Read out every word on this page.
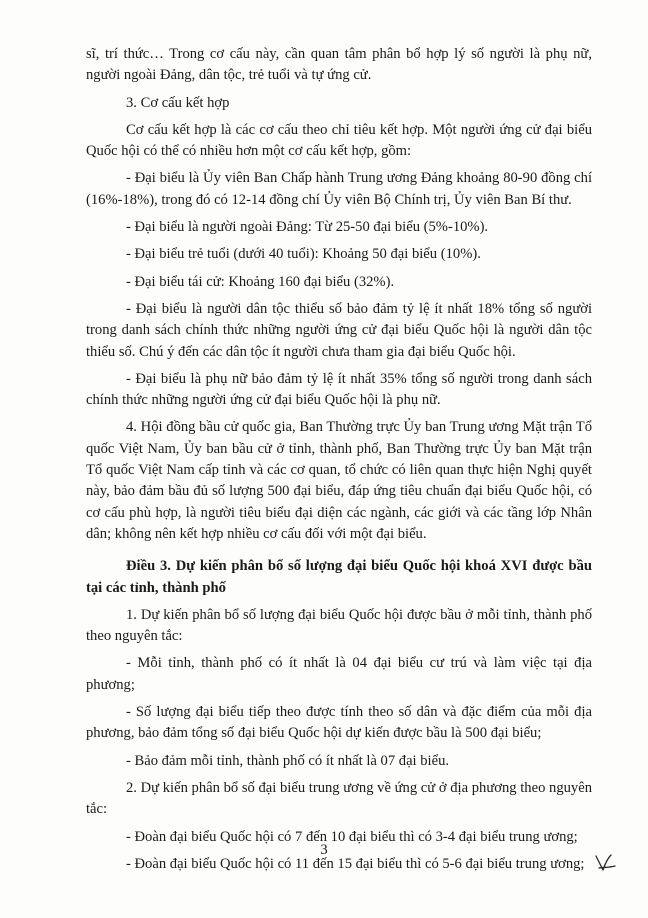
sĩ, trí thức… Trong cơ cấu này, cần quan tâm phân bổ hợp lý số người là phụ nữ, người ngoài Đảng, dân tộc, trẻ tuổi và tự ứng cử.

3. Cơ cấu kết hợp

Cơ cấu kết hợp là các cơ cấu theo chỉ tiêu kết hợp. Một người ứng cử đại biểu Quốc hội có thể có nhiều hơn một cơ cấu kết hợp, gồm:

- Đại biểu là Ủy viên Ban Chấp hành Trung ương Đảng khoảng 80-90 đồng chí (16%-18%), trong đó có 12-14 đồng chí Ủy viên Bộ Chính trị, Ủy viên Ban Bí thư.

- Đại biểu là người ngoài Đảng: Từ 25-50 đại biểu (5%-10%).

- Đại biểu trẻ tuổi (dưới 40 tuổi): Khoảng 50 đại biểu (10%).

- Đại biểu tái cử: Khoảng 160 đại biểu (32%).

- Đại biểu là người dân tộc thiểu số bảo đảm tỷ lệ ít nhất 18% tổng số người trong danh sách chính thức những người ứng cử đại biểu Quốc hội là người dân tộc thiểu số. Chú ý đến các dân tộc ít người chưa tham gia đại biểu Quốc hội.

- Đại biểu là phụ nữ bảo đảm tỷ lệ ít nhất 35% tổng số người trong danh sách chính thức những người ứng cử đại biểu Quốc hội là phụ nữ.

4. Hội đồng bầu cử quốc gia, Ban Thường trực Ủy ban Trung ương Mặt trận Tổ quốc Việt Nam, Ủy ban bầu cử ở tỉnh, thành phố, Ban Thường trực Ủy ban Mặt trận Tổ quốc Việt Nam cấp tỉnh và các cơ quan, tổ chức có liên quan thực hiện Nghị quyết này, bảo đảm bầu đủ số lượng 500 đại biểu, đáp ứng tiêu chuẩn đại biểu Quốc hội, có cơ cấu phù hợp, là người tiêu biểu đại diện các ngành, các giới và các tầng lớp Nhân dân; không nên kết hợp nhiều cơ cấu đối với một đại biểu.

Điều 3. Dự kiến phân bổ số lượng đại biểu Quốc hội khoá XVI được bầu tại các tỉnh, thành phố

1. Dự kiến phân bổ số lượng đại biểu Quốc hội được bầu ở mỗi tỉnh, thành phố theo nguyên tắc:

- Mỗi tỉnh, thành phố có ít nhất là 04 đại biểu cư trú và làm việc tại địa phương;

- Số lượng đại biểu tiếp theo được tính theo số dân và đặc điểm của mỗi địa phương, bảo đảm tổng số đại biểu Quốc hội dự kiến được bầu là 500 đại biểu;

- Bảo đảm mỗi tỉnh, thành phố có ít nhất là 07 đại biểu.

2. Dự kiến phân bổ số đại biểu trung ương về ứng cử ở địa phương theo nguyên tắc:

- Đoàn đại biểu Quốc hội có 7 đến 10 đại biểu thì có 3-4 đại biểu trung ương;

- Đoàn đại biểu Quốc hội có 11 đến 15 đại biểu thì có 5-6 đại biểu trung ương;

3
